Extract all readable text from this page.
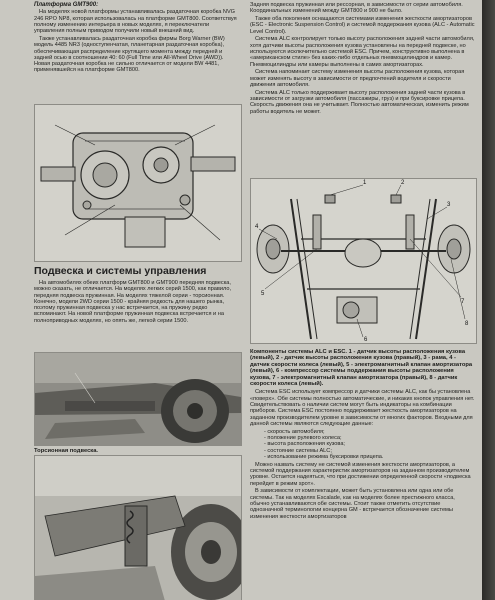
Платформа GMT900:

На моделях новой платформы устанавливалась раздаточная коробка NVG 246 RPO NP8, которая использовалась на платформе GMT800. Соответствуя полному изменению интерьера в новых моделях, я переключатели управления полным приводом получили новый внешний вид.

Также устанавливалась раздаточная коробка фирмы Borg Warner (BW) модель 4485 NR3 (одноступенчатая, планетарная раздаточная коробка), обеспечивающая распределение крутящего момента между передней и задней осью в соотношении 40: 60 (Full Time или All-Wheel Drive (AWD)). Новая раздаточная коробка не сильно отличается от модели BW 4481, применявшейся на платформе GMT800.

Подвеска и системы управления

На автомобилях обеих платформ GMT800 и GMT900 передняя подвеска, можно сказать, не отличается. На моделях легких серий 1500, как правило, передняя подвеска пружинная. На моделях тяжелой серии - торсионная. Конечно, модели 2WD серии 1500 - крайняя редкость для нашего рынка, поэтому пружинная подвеска у нас встречается, на пружину редко вспоминают. На новой платформе пружинная подвеска встречается и на полноприводных моделях, но опять же, легкой серии 1500.

Торсионная подвеска.

Задняя подвеска пружинная или рессорная, в зависимости от серии автомобиля. Координальных изменений между GMT800 и 900 не было.

Также оба поколения оснащаются системами изменения жесткости амортизаторов (ESC - Electronic Suspension Control) и системой поддержания кузова (ALC - Automatic Level Control).

Система ALC контролирует только высоту расположения задней части автомобиля, хотя датчики высоты расположения кузова установлены на передней подвеске, но используются исключительно системой ESC. Причем, конструктивно выполнена в «американском стиле» без каких-либо отдельных пневмоцилиндров и камер. Пневмоцилиндры или камеры выполнены в самих амортизаторах.

Система напоминает систему изменения высоты расположения кузова, которая может изменять высоту в зависимости от предпочтений водителя и скорости движения автомобиля.

Система ALC только поддерживает высоту расположения задней части кузова в зависимости от загрузки автомобиля (пассажиры, груз) и при буксировке прицепа. Скорость движения она не учитывает. Полностью автоматическая, изменить режим работы водитель не может.

1	2
3
4
5
6
7
8
Компоненты системы ALC и ESC. 1 - датчик высоты расположения кузова (левый), 2 - датчик высоты расположения кузова (правый), 3 - рама, 4 - датчик скорости колеса (левый), 5 - электромагнитный клапан амортизатора (левый), 6 - компрессор системы поддержания высоты расположения кузова, 7 - электромагнитный клапан амортизатора (правый), 8 - датчик скорости колеса (левый).

Система ESC использует компрессор и датчики системы ALC, как бы установлена «поверх». Обе системы полностью автоматические, и никаких кнопок управления нет. Свидетельствовать о наличии систем могут быть индикаторы на комбинации приборов. Система ESC постоянно поддерживает жесткость амортизаторов на заданном производителем уровне в зависимости от многих факторов. Входными для данной системы являются следующие данные:

- скорость автомобиля;
- положение рулевого колеса;
- высота расположения кузова;
- состояние системы ALC;
- использование режима буксировки прицепа.

Можно назвать систему не системой изменения жесткости амортизаторов, а системой поддержания характеристик амортизаторов на заданном производителем уровне. Остается надеяться, что при достижении определенной скорости «подвеска перейдет в режим spoт».

В зависимости от комплектации, может быть установлена или одна или обе системы. Так на моделях Escalade, как на моделях более престижного класса, обычно устанавливаются обе системы. Стоит также отметить отсутствие однозначной терминологии концерна GM - встречается обозначение системы изменения жесткости амортизаторов
